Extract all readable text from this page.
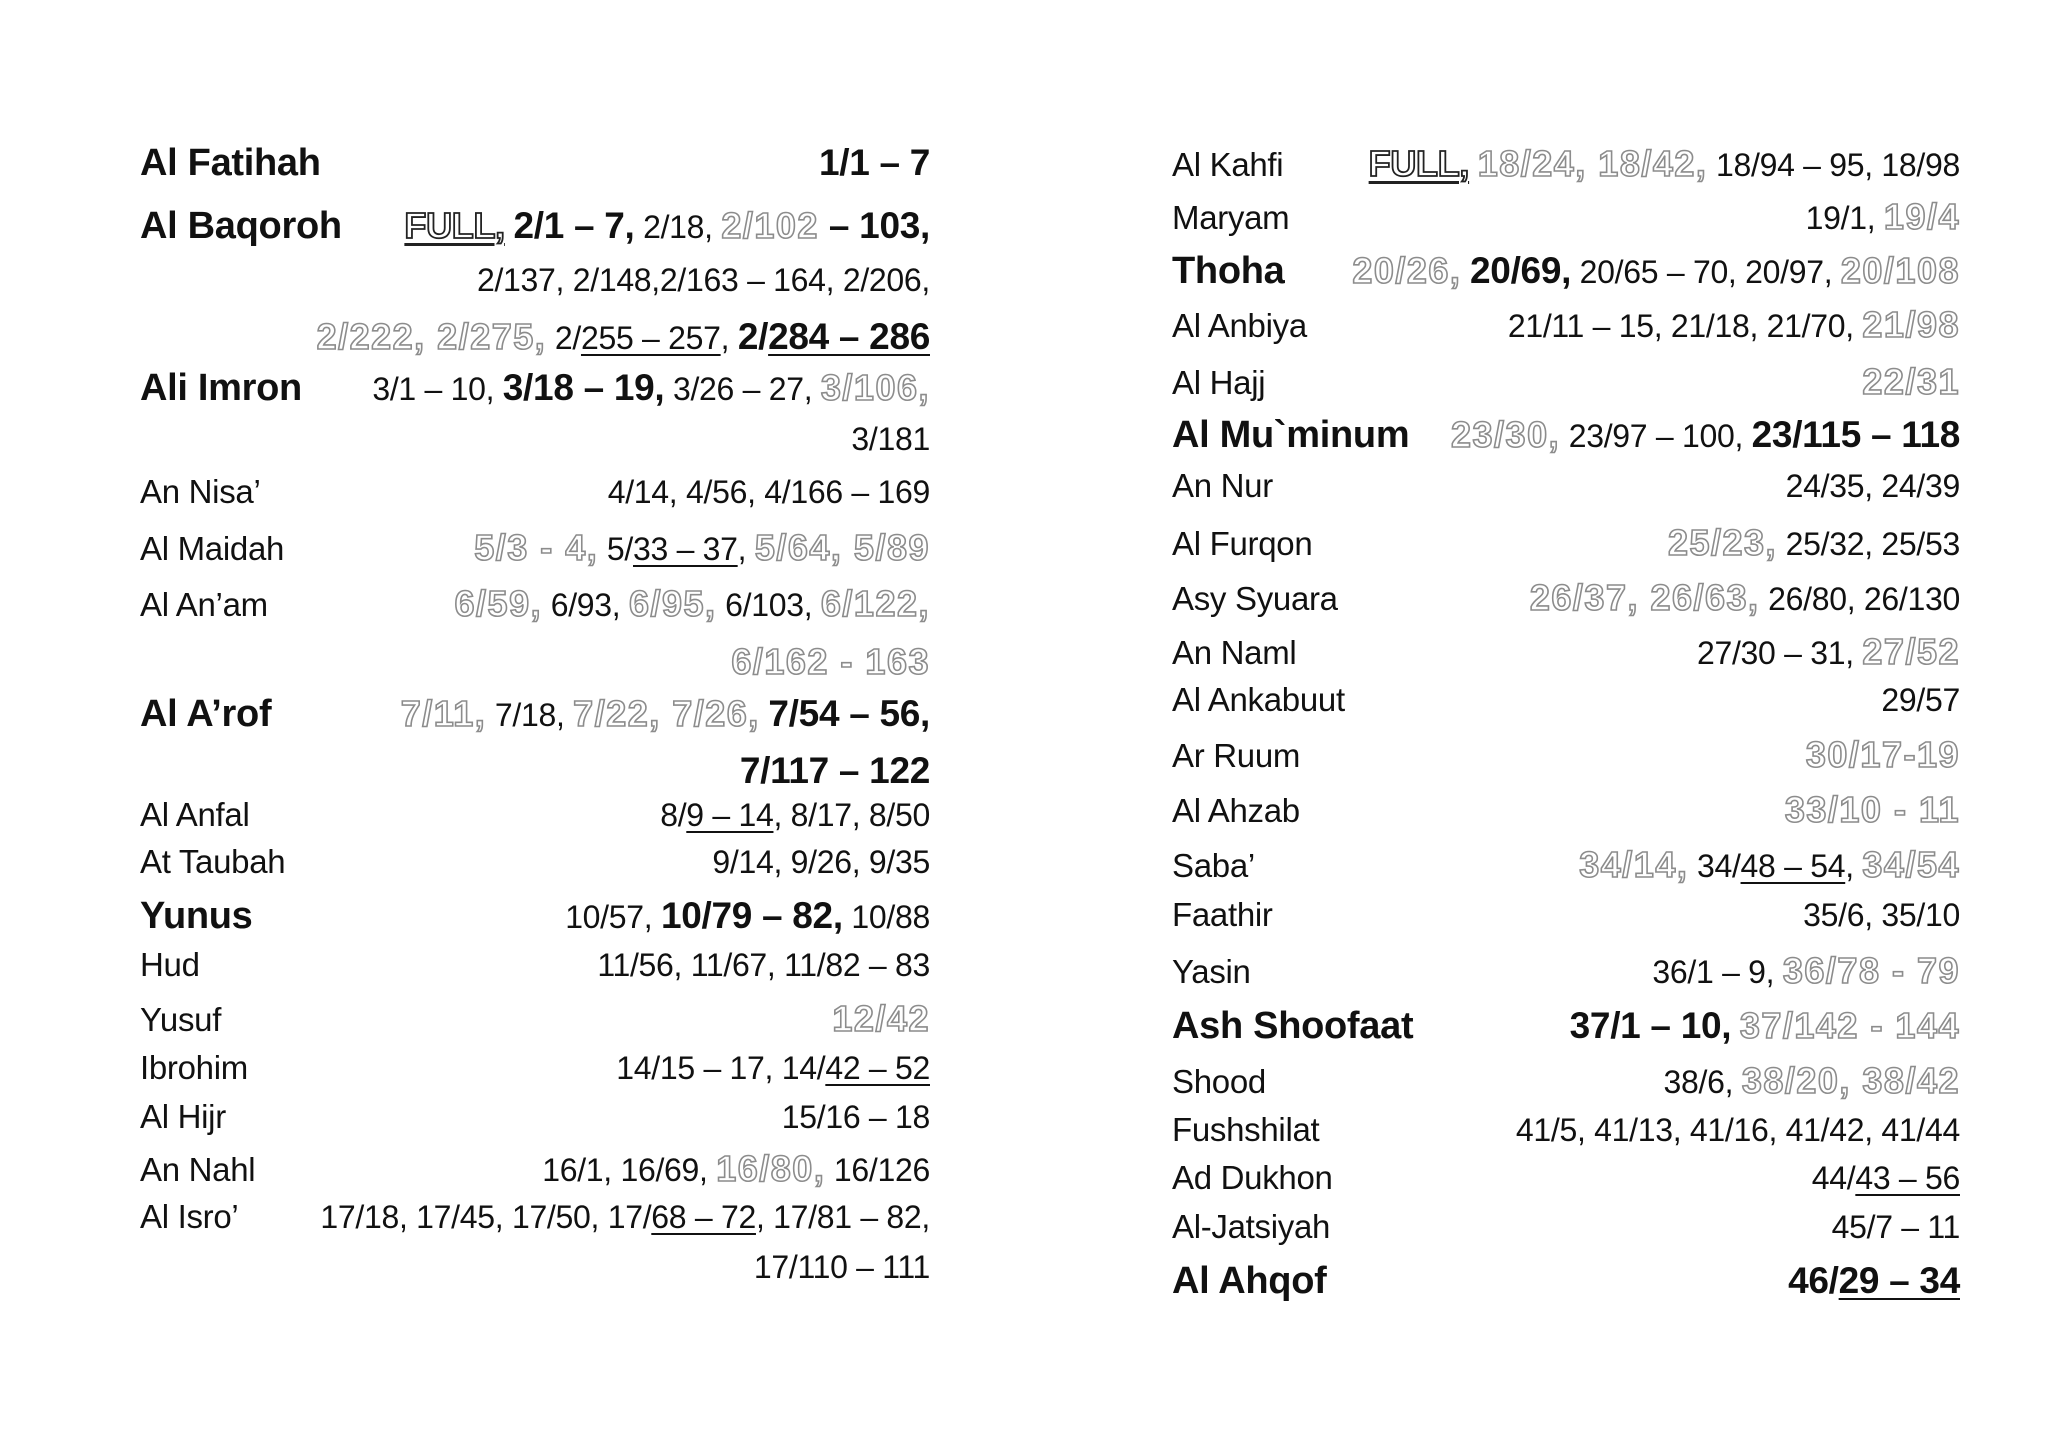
Al Fatihah	1/1 – 7
Al Baqoroh	FULL, 2/1 – 7, 2/18, 2/102 – 103,
2/137, 2/148,2/163 – 164, 2/206,
2/222, 2/275, 2/255 – 257, 2/284 – 286
Ali Imron	3/1 – 10, 3/18 – 19, 3/26 – 27, 3/106,
3/181
An Nisa’	4/14, 4/56, 4/166 – 169
Al Maidah	5/3 - 4, 5/33 – 37, 5/64, 5/89
Al An’am	6/59, 6/93, 6/95, 6/103, 6/122,
6/162 - 163
Al A’rof	7/11, 7/18, 7/22, 7/26, 7/54 – 56,
7/117 – 122
Al Anfal	8/9 – 14, 8/17, 8/50
At Taubah	9/14, 9/26, 9/35
Yunus	10/57, 10/79 – 82, 10/88
Hud	11/56, 11/67, 11/82 – 83
Yusuf	12/42
Ibrohim	14/15 – 17, 14/42 – 52
Al Hijr	15/16 – 18
An Nahl	16/1, 16/69, 16/80, 16/126
Al Isro’	17/18, 17/45, 17/50, 17/68 – 72, 17/81 – 82,
17/110 – 111
Al Kahfi	FULL, 18/24, 18/42, 18/94 – 95, 18/98
Maryam	19/1, 19/4
Thoha	20/26, 20/69, 20/65 – 70, 20/97, 20/108
Al Anbiya	21/11 – 15, 21/18, 21/70, 21/98
Al Hajj	22/31
Al Mu`minum	23/30, 23/97 – 100, 23/115 – 118
An Nur	24/35, 24/39
Al Furqon	25/23, 25/32, 25/53
Asy Syuara	26/37, 26/63, 26/80, 26/130
An Naml	27/30 – 31, 27/52
Al Ankabuut	29/57
Ar Ruum	30/17-19
Al Ahzab	33/10 - 11
Saba’	34/14, 34/48 – 54, 34/54
Faathir	35/6, 35/10
Yasin	36/1 – 9, 36/78 - 79
Ash Shoofaat	37/1 – 10, 37/142 - 144
Shood	38/6, 38/20, 38/42
Fushshilat	41/5, 41/13, 41/16, 41/42, 41/44
Ad Dukhon	44/43 – 56
Al-Jatsiyah	45/7 – 11
Al Ahqof	46/29 – 34
